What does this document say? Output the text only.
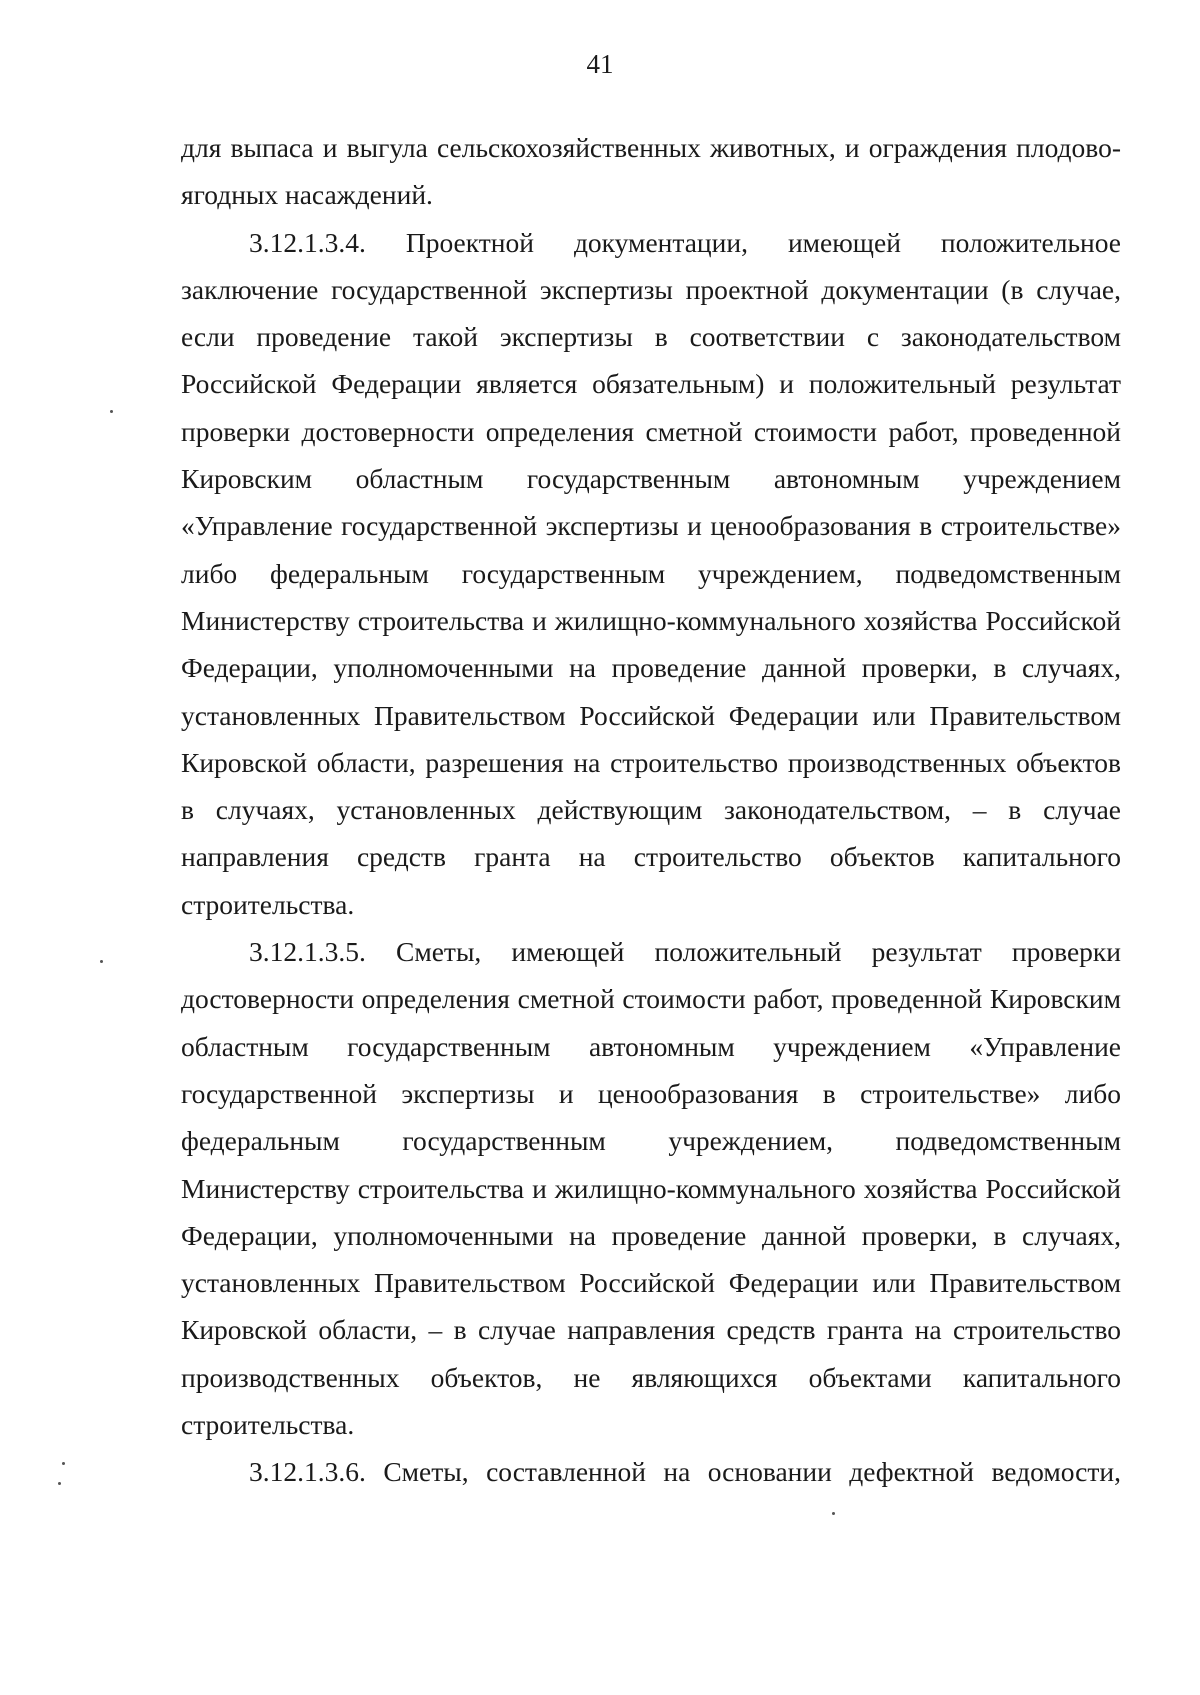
41

для выпаса и выгула сельскохозяйственных животных, и ограждения плодово-ягодных насаждений.

3.12.1.3.4. Проектной документации, имеющей положительное заключение государственной экспертизы проектной документации (в случае, если проведение такой экспертизы в соответствии с законодательством Российской Федерации является обязательным) и положительный результат проверки достоверности определения сметной стоимости работ, проведенной Кировским областным государственным автономным учреждением «Управление государственной экспертизы и ценообразования в строительстве» либо федеральным государственным учреждением, подведомственным Министерству строительства и жилищно-коммунального хозяйства Российской Федерации, уполномоченными на проведение данной проверки, в случаях, установленных Правительством Российской Федерации или Правительством Кировской области, разрешения на строительство производственных объектов в случаях, установленных действующим законодательством, – в случае направления средств гранта на строительство объектов капитального строительства.

3.12.1.3.5. Сметы, имеющей положительный результат проверки достоверности определения сметной стоимости работ, проведенной Кировским областным государственным автономным учреждением «Управление государственной экспертизы и ценообразования в строительстве» либо федеральным государственным учреждением, подведомственным Министерству строительства и жилищно-коммунального хозяйства Российской Федерации, уполномоченными на проведение данной проверки, в случаях, установленных Правительством Российской Федерации или Правительством Кировской области, – в случае направления средств гранта на строительство производственных объектов, не являющихся объектами капитального строительства.

3.12.1.3.6. Сметы, составленной на основании дефектной ведомости,
